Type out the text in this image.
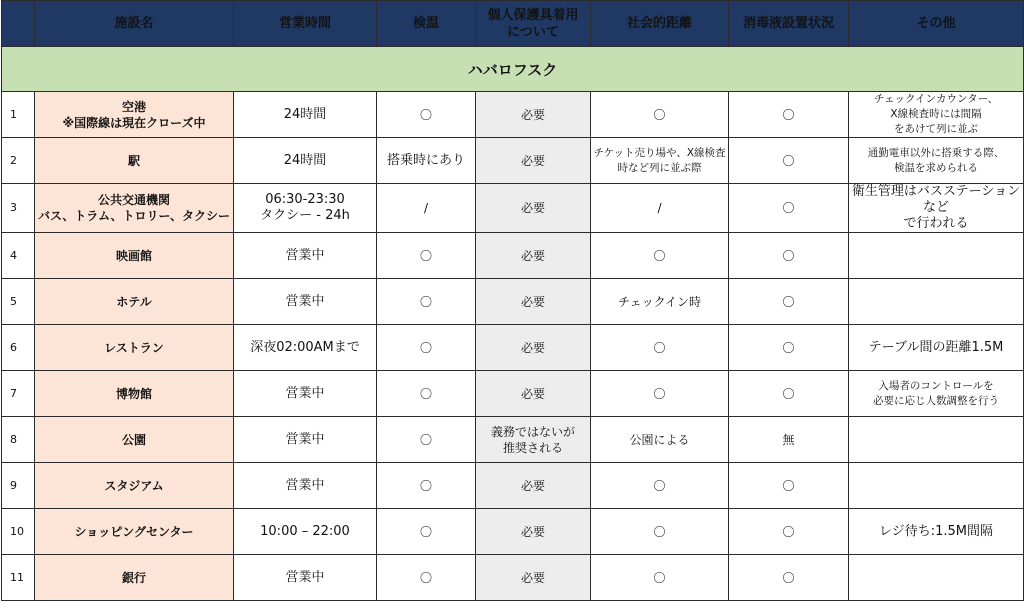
	施設名	営業時間	検温	個人保護具着用について	社会的距離	消毒液設置状況	その他
ハバロフスク							
1	空港
※国際線は現在クローズ中	24時間	〇	必要	〇	〇	チェックインカウンター、
X線検査時には間隔
をあけて列に並ぶ

2	駅	24時間	搭乗時にあり	必要	チケット売り場や、X線検査
時など列に並ぶ際	〇	通勤電車以外に搭乗する際、
検温を求められる

3	公共交通機関
バス、トラム、トロリー、タクシー	06:30-23:30
タクシー - 24h	/	必要	/	〇	衛生管理はバスステーションなど
で行われる

4	映画館	営業中	〇	必要	〇	〇	
5	ホテル	営業中	〇	必要	チェックイン時	〇	
6	レストラン	深夜02:00AMまで	〇	必要	〇	〇	テーブル間の距離1.5M

7	博物館	営業中	〇	必要	〇	〇	入場者のコントロールを
必要に応じ人数調整を行う

8	公園	営業中	〇	義務ではないが
推奨される	公園による	無	
9	スタジアム	営業中	〇	必要	〇	〇	
10	ショッピングセンター	10:00 – 22:00	〇	必要	〇	〇	レジ待ち:1.5M間隔

11	銀行	営業中	〇	必要	〇	〇	
